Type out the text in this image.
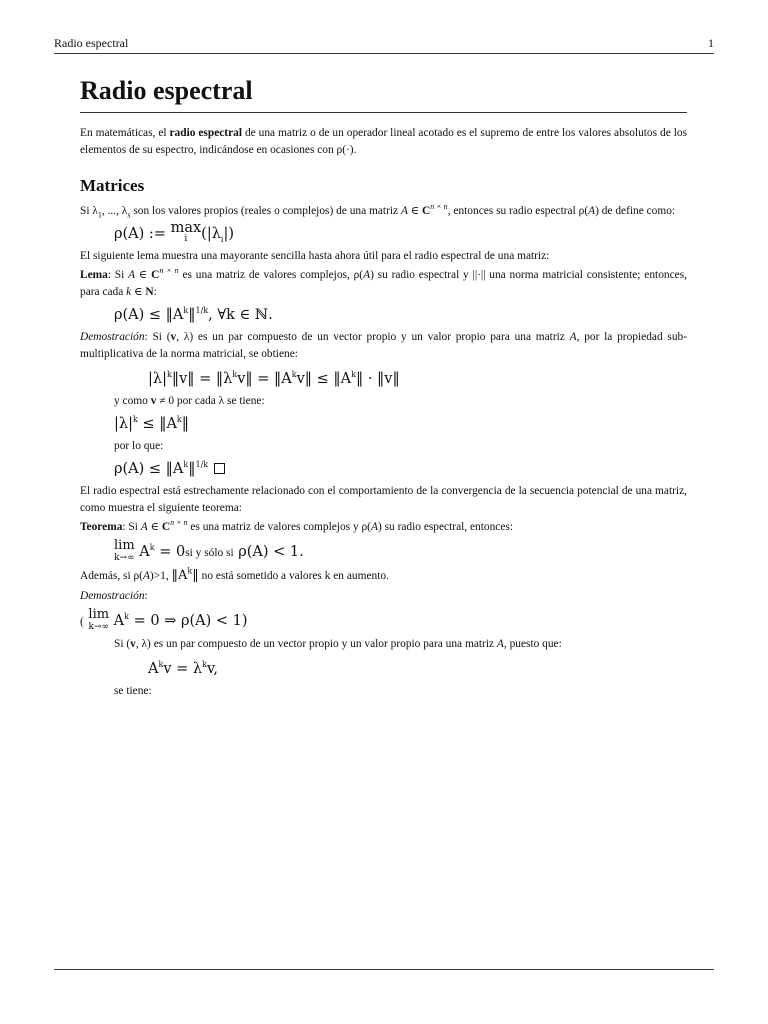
Radio espectral	1
Radio espectral

En matemáticas, el radio espectral de una matriz o de un operador lineal acotado es el supremo de entre los valores absolutos de los elementos de su espectro, indicándose en ocasiones con ρ(·).

Matrices

Si $\lambda_1$, ..., $\lambda_s$ son los valores propios (reales o complejos) de una matriz A ∈ $C^{n \times n}$, entonces su radio espectral ρ(A) de define como:

ρ(A) := max
i $(|\lambda_i|)$

El siguiente lema muestra una mayorante sencilla hasta ahora útil para el radio espectral de una matriz:

Lema: Si A ∈ $C^{n \times n}$ es una matriz de valores complejos, ρ(A) su radio espectral y ||·|| una norma matricial consistente; entonces, para cada k ∈ N:

$\rho(A) \le ‖A^k‖^{1/k}$, ∀k ∈ ℕ.

Demostración: Si (v, λ) es un par compuesto de un vector propio y un valor propio para una matriz A, por la propiedad sub-multiplicativa de la norma matricial, se obtiene:

$|\lambda|^k‖v‖$ = $‖\lambda^kv‖$ = $‖A^kv‖$ ≤ $‖A^k‖$ · ‖v‖

y como v ≠ 0 por cada λ se tiene:

$|\lambda|^k$ ≤ $‖A^k‖$

por lo que:

$\rho(A) \le ‖A^k‖^{1/k}$

El radio espectral está estrechamente relacionado con el comportamiento de la convergencia de la secuencia potencial de una matriz, como muestra el siguiente teorema:

Teorema: Si A ∈ $C^{n \times n}$ es una matriz de valores complejos y ρ(A) su radio espectral, entonces:

lim
k→∞ $A^k = 0si$ y sólo si ρ(A) < 1.

Además, si ρ(A)>1, $‖A^k‖$ no está sometido a valores k en aumento.

Demostración:

( lim
k→∞ $A^k = 0$ ⇒ ρ(A) < 1)

Si (v, λ) es un par compuesto de un vector propio y un valor propio para una matriz A, puesto que:

$A^kv = \lambda^kv$,

se tiene:
